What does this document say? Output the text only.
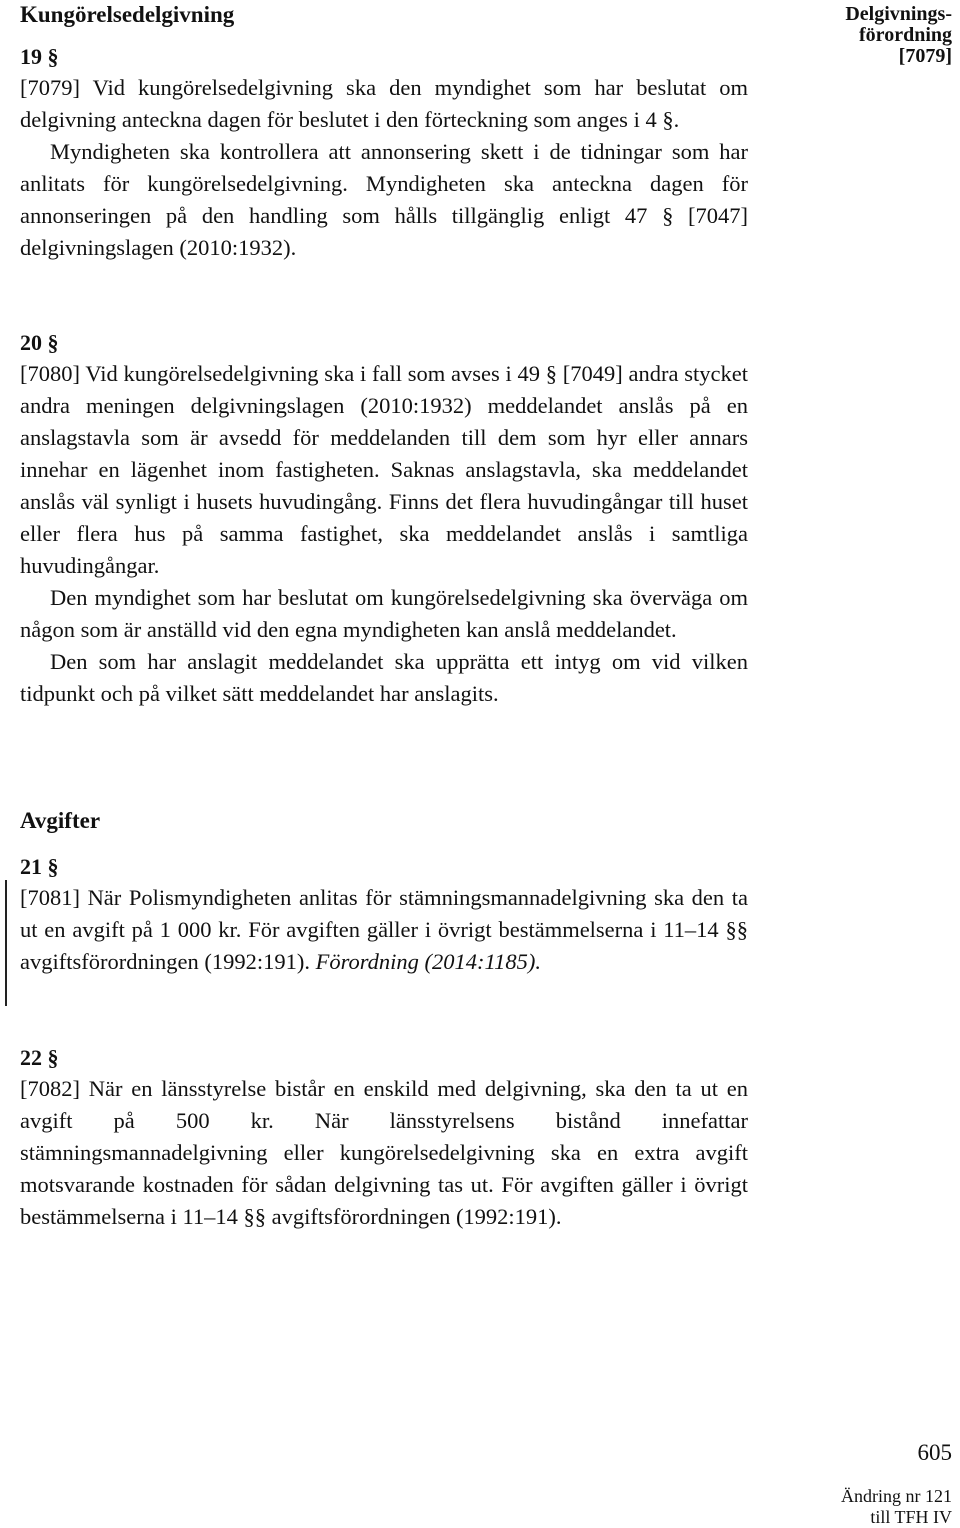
Kungörelsedelgivning	Delgivnings-
förordning
[7079]
19 §

[7079] Vid kungörelsedelgivning ska den myndighet som har beslutat om delgivning anteckna dagen för beslutet i den förteckning som anges i 4 §.

Myndigheten ska kontrollera att annonsering skett i de tidningar som har anlitats för kungörelsedelgivning. Myndigheten ska anteckna dagen för annonseringen på den handling som hålls tillgänglig enligt 47 § [7047] delgivningslagen (2010:1932).

20 §

[7080] Vid kungörelsedelgivning ska i fall som avses i 49 § [7049] andra stycket andra meningen delgivningslagen (2010:1932) meddelandet anslås på en anslagstavla som är avsedd för meddelanden till dem som hyr eller annars innehar en lägenhet inom fastigheten. Saknas anslagstavla, ska meddelandet anslås väl synligt i husets huvudingång. Finns det flera huvudingångar till huset eller flera hus på samma fastighet, ska meddelandet anslås i samtliga huvudingångar.

Den myndighet som har beslutat om kungörelsedelgivning ska överväga om någon som är anställd vid den egna myndigheten kan anslå meddelandet.

Den som har anslagit meddelandet ska upprätta ett intyg om vid vilken tidpunkt och på vilket sätt meddelandet har anslagits.

Avgifter
21 §

[7081] När Polismyndigheten anlitas för stämningsmannadelgivning ska den ta ut en avgift på 1 000 kr. För avgiften gäller i övrigt bestämmelserna i 11–14 §§ avgiftsförordningen (1992:191). Förordning (2014:1185).

22 §

[7082] När en länsstyrelse bistår en enskild med delgivning, ska den ta ut en avgift på 500 kr. När länsstyrelsens bistånd innefattar stämningsmannadelgivning eller kungörelsedelgivning ska en extra avgift motsvarande kostnaden för sådan delgivning tas ut. För avgiften gäller i övrigt bestämmelserna i 11–14 §§ avgiftsförordningen (1992:191).

605
Ändring nr 121
till TFH IV
